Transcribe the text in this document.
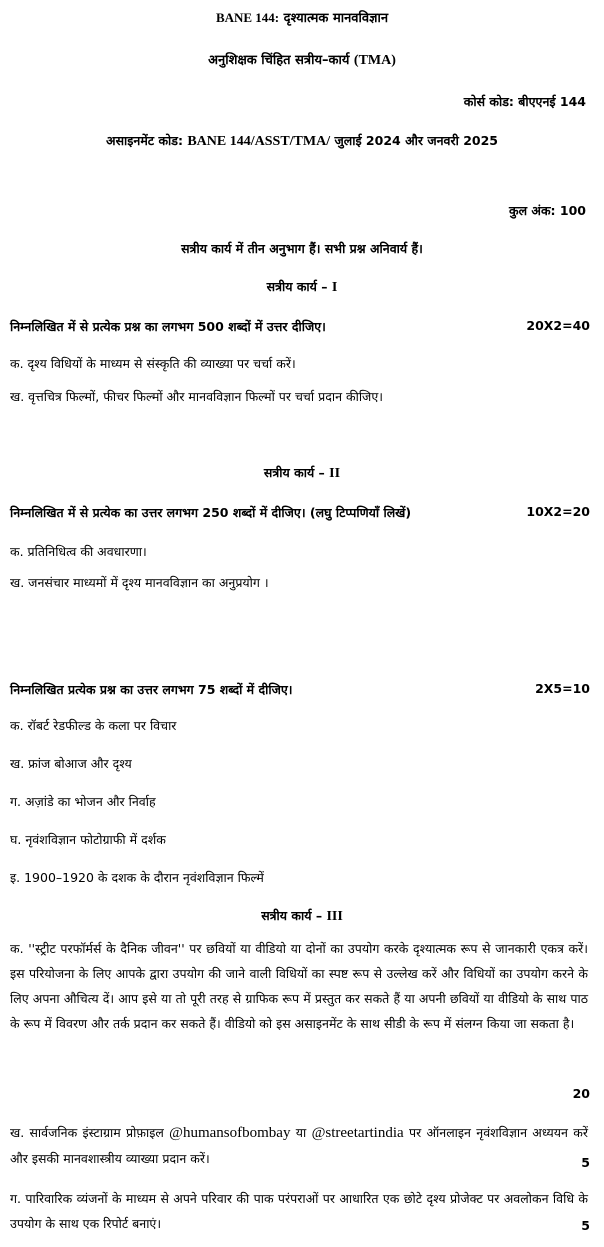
BANE 144: दृश्यात्मक मानवविज्ञान
अनुशिक्षक चिंहित सत्रीय–कार्य (TMA)
कोर्स कोड: बीएएनई 144
असाइनमेंट कोड: BANE 144/ASST/TMA/ जुलाई 2024 और जनवरी 2025
कुल अंक: 100
सत्रीय कार्य में तीन अनुभाग हैं। सभी प्रश्न अनिवार्य हैं।
सत्रीय कार्य – I
निम्नलिखित में से प्रत्येक प्रश्न का लगभग 500 शब्दों में उत्तर दीजिए।	20X2=40
क. दृश्य विधियों के माध्यम से संस्कृति की व्याख्या पर चर्चा करें।
ख. वृत्तचित्र फिल्मों, फीचर फिल्मों और मानवविज्ञान फिल्मों पर चर्चा प्रदान कीजिए।
सत्रीय कार्य – II
निम्नलिखित में से प्रत्येक का उत्तर लगभग 250 शब्दों में दीजिए। (लघु टिप्पणियाँ लिखें)	10X2=20
क. प्रतिनिधित्व की अवधारणा।
ख. जनसंचार माध्यमों में दृश्य मानवविज्ञान का अनुप्रयोग ।
निम्नलिखित प्रत्येक प्रश्न का उत्तर लगभग 75 शब्दों में दीजिए।	2X5=10
क. रॉबर्ट रेडफील्ड के कला पर विचार
ख. फ्रांज बोआज और दृश्य
ग. अज़ांडे का भोजन और निर्वाह
घ. नृवंशविज्ञान फोटोग्राफी में दर्शक
इ. 1900–1920 के दशक के दौरान नृवंशविज्ञान फिल्में
सत्रीय कार्य – III

क. ''स्ट्रीट परफॉर्मर्स के दैनिक जीवन'' पर छवियों या वीडियो या दोनों का उपयोग करके दृश्यात्मक रूप से जानकारी एकत्र करें। इस परियोजना के लिए आपके द्वारा उपयोग की जाने वाली विधियों का स्पष्ट रूप से उल्लेख करें और विधियों का उपयोग करने के लिए अपना औचित्य दें। आप इसे या तो पूरी तरह से ग्राफिक रूप में प्रस्तुत कर सकते हैं या अपनी छवियों या वीडियो के साथ पाठ के रूप में विवरण और तर्क प्रदान कर सकते हैं। वीडियो को इस असाइनमेंट के साथ सीडी के रूप में संलग्न किया जा सकता है।

20

ख. सार्वजनिक इंस्टाग्राम प्रोफ़ाइल @humansofbombay या @streetartindia पर ऑनलाइन नृवंशविज्ञान अध्ययन करें और इसकी मानवशास्त्रीय व्याख्या प्रदान करें।	5

ग. पारिवारिक व्यंजनों के माध्यम से अपने परिवार की पाक परंपराओं पर आधारित एक छोटे दृश्य प्रोजेक्ट पर अवलोकन विधि के उपयोग के साथ एक रिपोर्ट बनाएं।	5
